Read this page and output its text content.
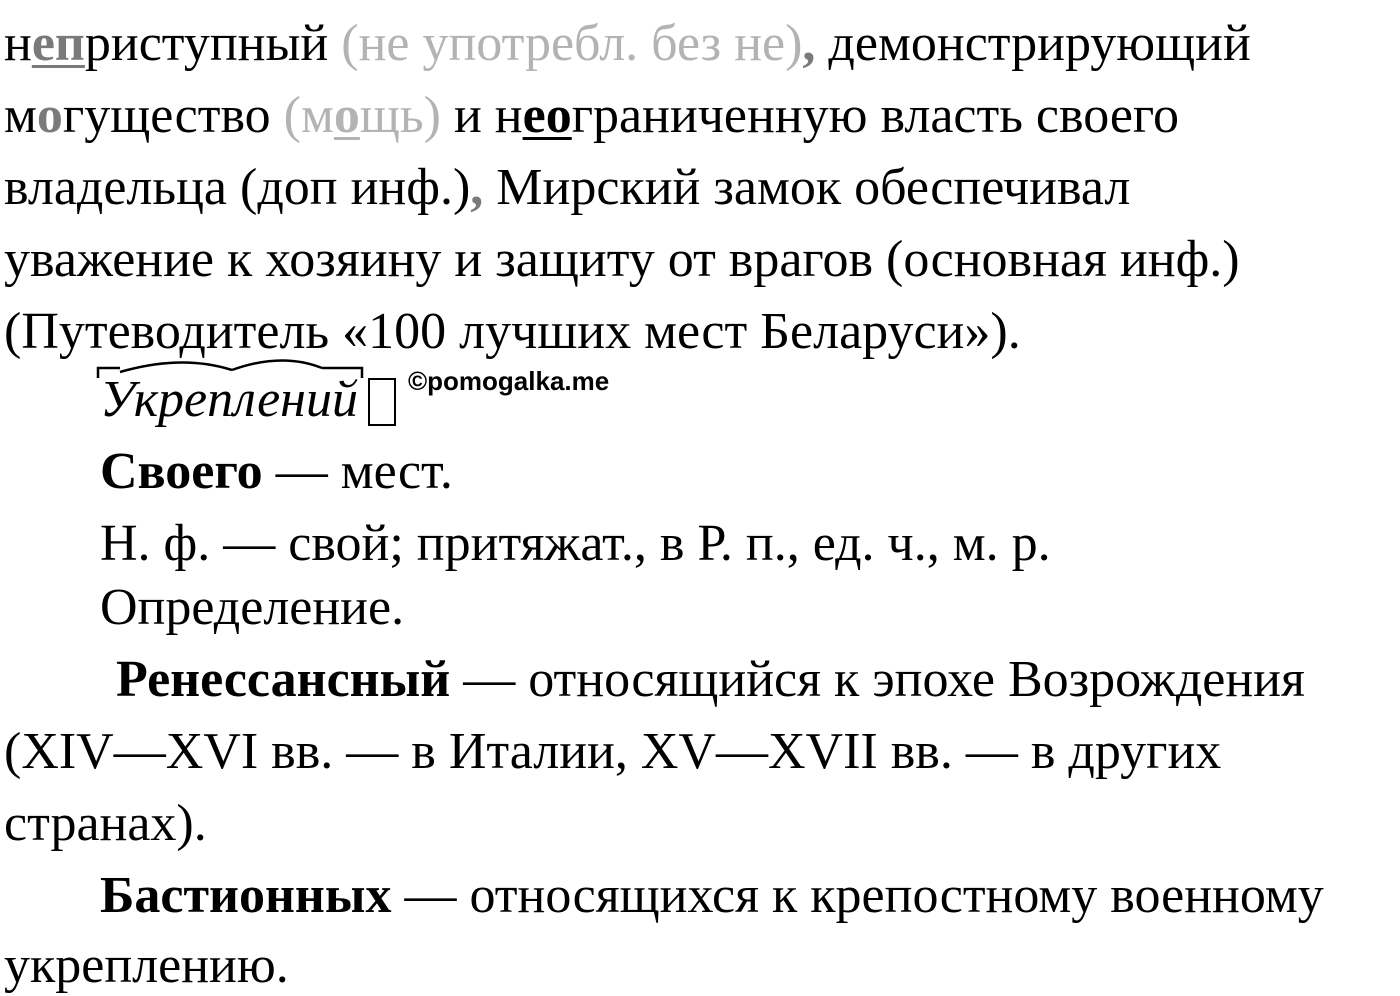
неприступный (не употребл. без не), демонстрирующий
могущество (мощь) и неограниченную власть своего
владельца (доп инф.), Мирский замок обеспечивал
уважение к хозяину и защиту от врагов (основная инф.)
(Путеводитель «100 лучших мест Беларуси»).
Укреплений ©pomogalka.me
Своего — мест.
Н. ф. — свой; притяжат., в Р. п., ед. ч., м. р.
Определение.
Ренессансный — относящийся к эпохе Возрождения
(XIV—XVI вв. — в Италии, XV—XVII вв. — в других
странах).
Бастионных — относящихся к крепостному военному
укреплению.
